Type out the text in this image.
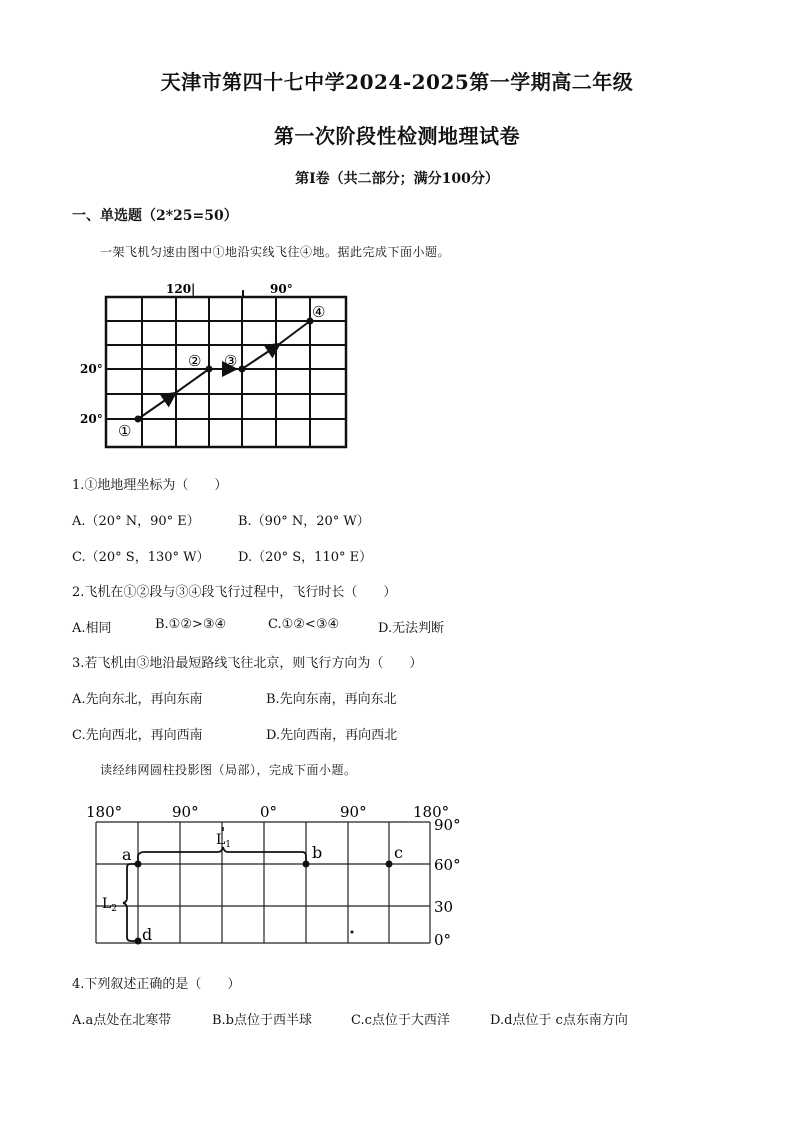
天津市第四十七中学2024-2025第一学期高二年级
第一次阶段性检测地理试卷
第I卷（共二部分；满分100分）
一、单选题（2*25=50）
一架飞机匀速由图中①地沿实线飞往④地。据此完成下面小题。
120|	90°
20°
20°
①
② ③
④
1.①地地理坐标为（　　）
A.（20° N，90° E）	B.（90° N，20° W）
C.（20° S，130° W） D.（20° S，110° E）
2.飞机在①②段与③④段飞行过程中，飞行时长（　　）
A.相同	B.①②>③④	C.①②<③④	D.无法判断
3.若飞机由③地沿最短路线飞往北京，则飞行方向为（　　）
A.先向东北，再向东南	B.先向东南，再向东北
C.先向西北，再向西南	D.先向西南，再向西北
读经纬网圆柱投影图（局部），完成下面小题。
180°	90°	0°	90°	180°
90°
60°
30
0°
$L_1$
$L_2$
a	b	c
d
4.下列叙述正确的是（　　）
A.a点处在北寒带	B.b点位于西半球	C.c点位于大西洋	D.d点位于 c点东南方向
